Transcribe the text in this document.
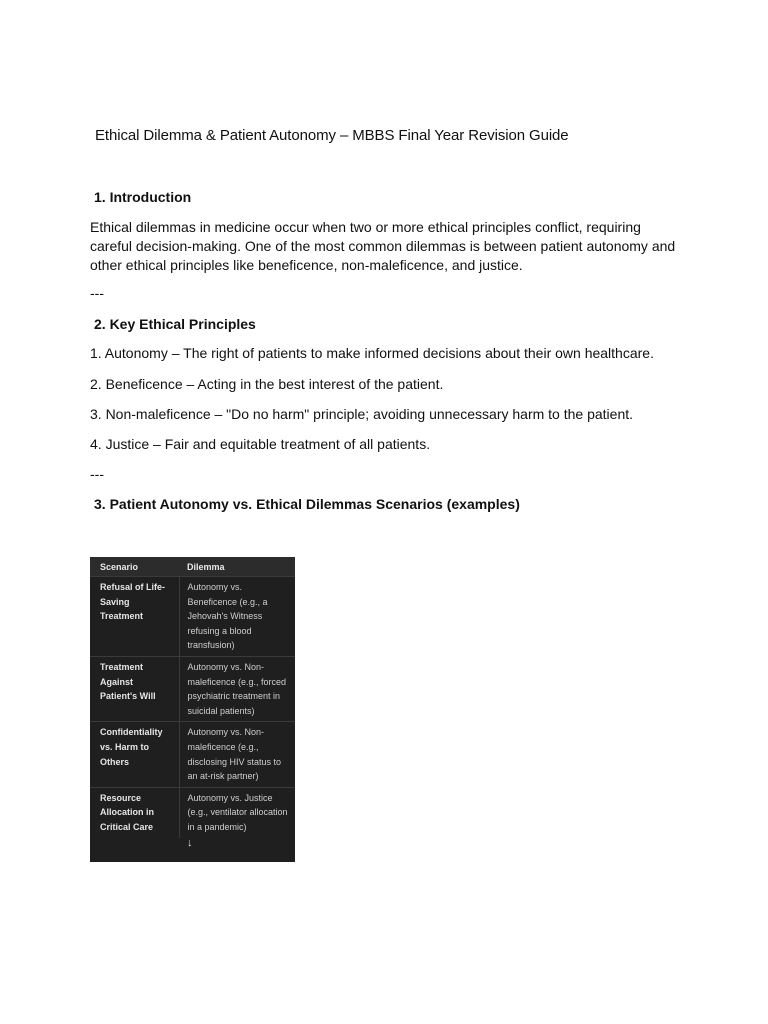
Ethical Dilemma & Patient Autonomy – MBBS Final Year Revision Guide
1. Introduction

Ethical dilemmas in medicine occur when two or more ethical principles conflict, requiring careful decision-making. One of the most common dilemmas is between patient autonomy and other ethical principles like beneficence, non-maleficence, and justice.

---

2. Key Ethical Principles

1. Autonomy – The right of patients to make informed decisions about their own healthcare.

2. Beneficence – Acting in the best interest of the patient.

3. Non-maleficence – "Do no harm" principle; avoiding unnecessary harm to the patient.

4. Justice – Fair and equitable treatment of all patients.

---

3. Patient Autonomy vs. Ethical Dilemmas Scenarios (examples)
Scenario	Dilemma
Refusal of Life-Saving Treatment	Autonomy vs. Beneficence (e.g., a Jehovah's Witness refusing a blood transfusion)
Treatment Against Patient's Will	Autonomy vs. Non-maleficence (e.g., forced psychiatric treatment in suicidal patients)
Confidentiality vs. Harm to Others	Autonomy vs. Non-maleficence (e.g., disclosing HIV status to an at-risk partner)
Resource Allocation in Critical Care	Autonomy vs. Justice (e.g., ventilator allocation in a pandemic)
↓
